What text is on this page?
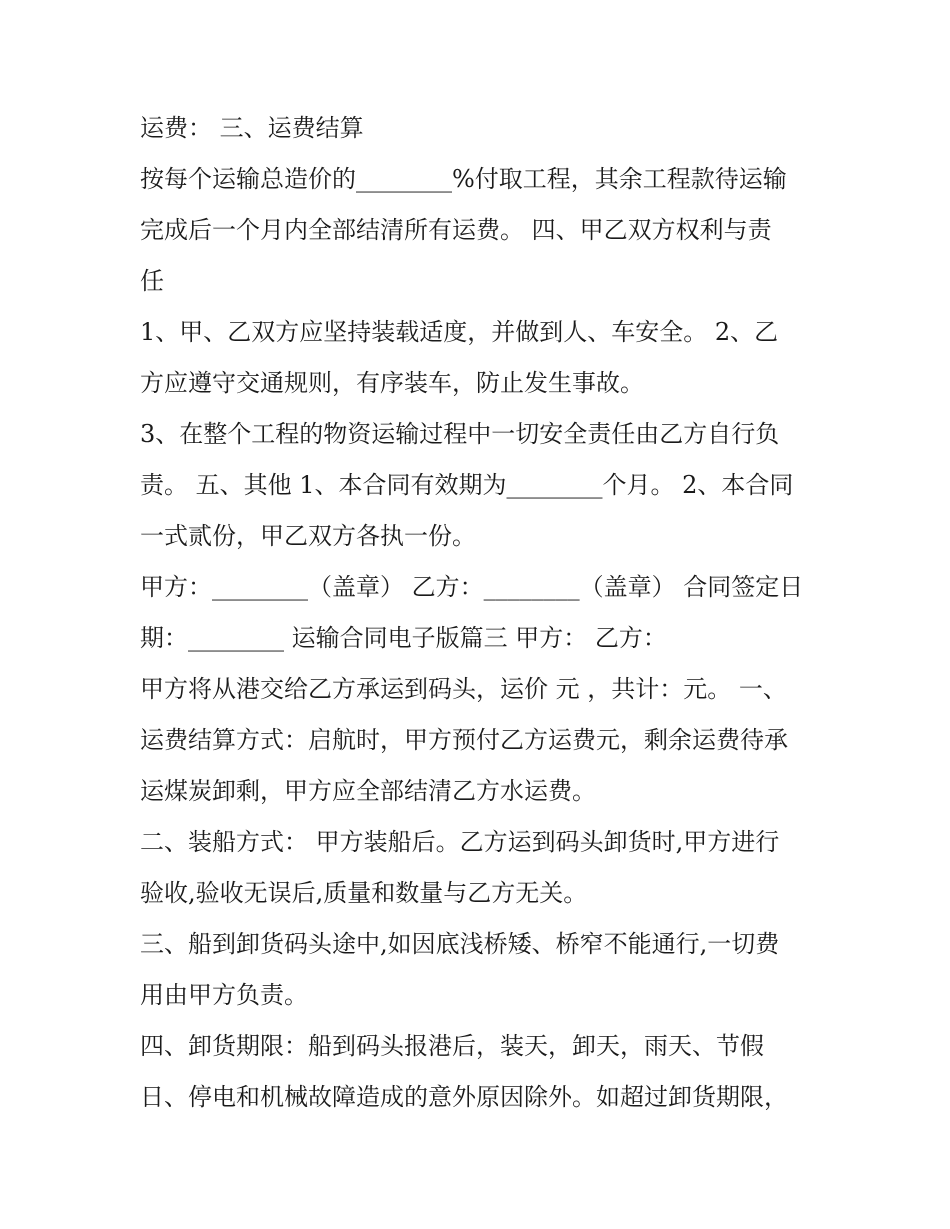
运费： 三、运费结算
按每个运输总造价的________%付取工程，其余工程款待运输
完成后一个月内全部结清所有运费。 四、甲乙双方权利与责
任
1、甲、乙双方应坚持装载适度，并做到人、车安全。 2、乙
方应遵守交通规则，有序装车，防止发生事故。
3、在整个工程的物资运输过程中一切安全责任由乙方自行负
责。 五、其他 1、本合同有效期为________个月。 2、本合同
一式贰份，甲乙双方各执一份。
甲方：________（盖章） 乙方：________（盖章） 合同签定日
期：________ 运输合同电子版篇三 甲方： 乙方：
甲方将从港交给乙方承运到码头，运价 元 ，共计：元。 一、
运费结算方式：启航时，甲方预付乙方运费元，剩余运费待承
运煤炭卸剩，甲方应全部结清乙方水运费。
二、装船方式： 甲方装船后。乙方运到码头卸货时,甲方进行
验收,验收无误后,质量和数量与乙方无关。
三、船到卸货码头途中,如因底浅桥矮、桥窄不能通行,一切费
用由甲方负责。
四、卸货期限：船到码头报港后，装天，卸天，雨天、节假
日、停电和机械故障造成的意外原因除外。如超过卸货期限，
